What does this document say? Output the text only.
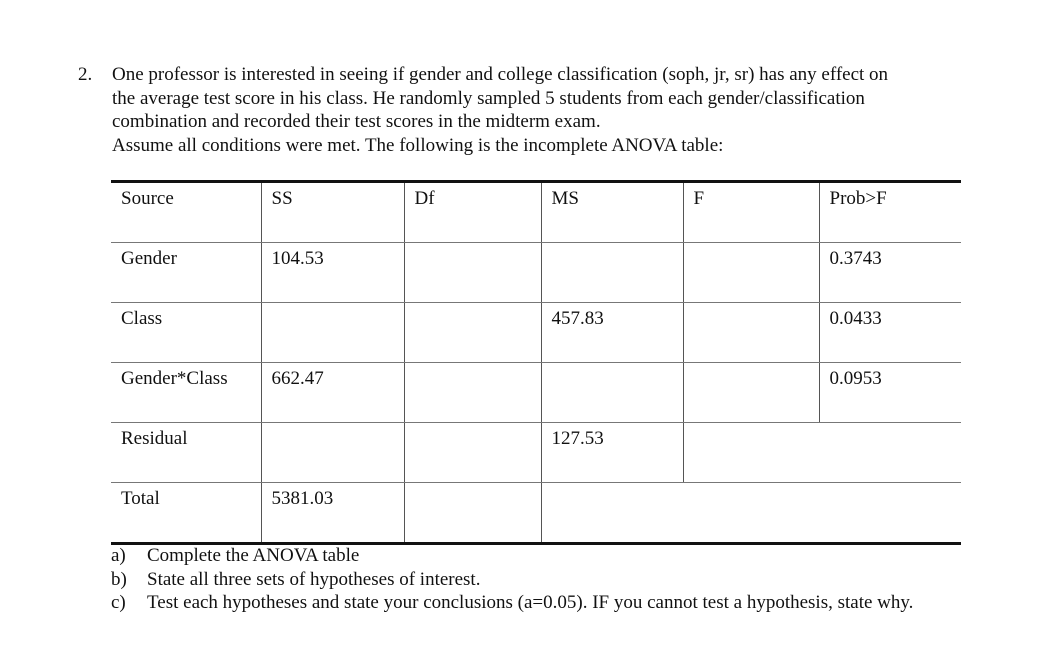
2. One professor is interested in seeing if gender and college classification (soph, jr, sr) has any effect on
the average test score in his class. He randomly sampled 5 students from each gender/classification
combination and recorded their test scores in the midterm exam.
Assume all conditions were met. The following is the incomplete ANOVA table:
Source	SS	Df	MS	F	Prob>F
Gender	104.53				0.3743
Class			457.83		0.0433
Gender*Class	662.47				0.0953
Residual			127.53		
Total	5381.03				
a) Complete the ANOVA table
b) State all three sets of hypotheses of interest.
c) Test each hypotheses and state your conclusions (a=0.05). IF you cannot test a hypothesis, state why.
